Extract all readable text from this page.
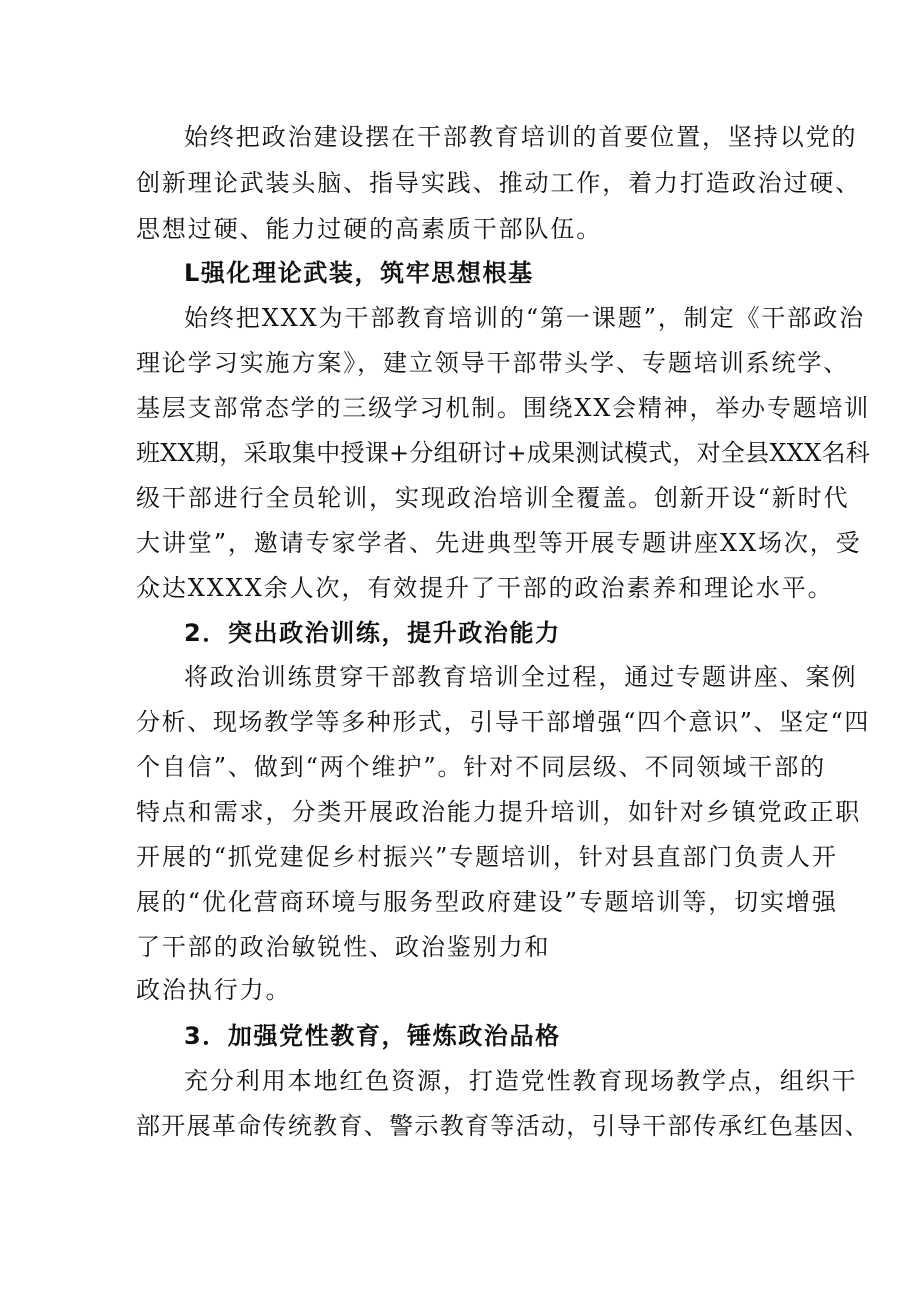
始终把政治建设摆在干部教育培训的首要位置，坚持以党的
创新理论武装头脑、指导实践、推动工作，着力打造政治过硬、
思想过硬、能力过硬的高素质干部队伍。
L强化理论武装，筑牢思想根基
始终把XXX为干部教育培训的“第一课题”，制定《干部政治
理论学习实施方案》，建立领导干部带头学、专题培训系统学、
基层支部常态学的三级学习机制。围绕XX会精神，举办专题培训
班XX期，采取集中授课+分组研讨+成果测试模式，对全县XXX名科
级干部进行全员轮训，实现政治培训全覆盖。创新开设“新时代
大讲堂”，邀请专家学者、先进典型等开展专题讲座XX场次，受
众达XXXX余人次，有效提升了干部的政治素养和理论水平。
2．突出政治训练，提升政治能力
将政治训练贯穿干部教育培训全过程，通过专题讲座、案例
分析、现场教学等多种形式，引导干部增强“四个意识”、坚定“四
个自信”、做到“两个维护”。针对不同层级、不同领域干部的
特点和需求，分类开展政治能力提升培训，如针对乡镇党政正职
开展的“抓党建促乡村振兴”专题培训，针对县直部门负责人开
展的“优化营商环境与服务型政府建设”专题培训等，切实增强
了干部的政治敏锐性、政治鉴别力和
政治执行力。
3．加强党性教育，锤炼政治品格
充分利用本地红色资源，打造党性教育现场教学点，组织干
部开展革命传统教育、警示教育等活动，引导干部传承红色基因、
